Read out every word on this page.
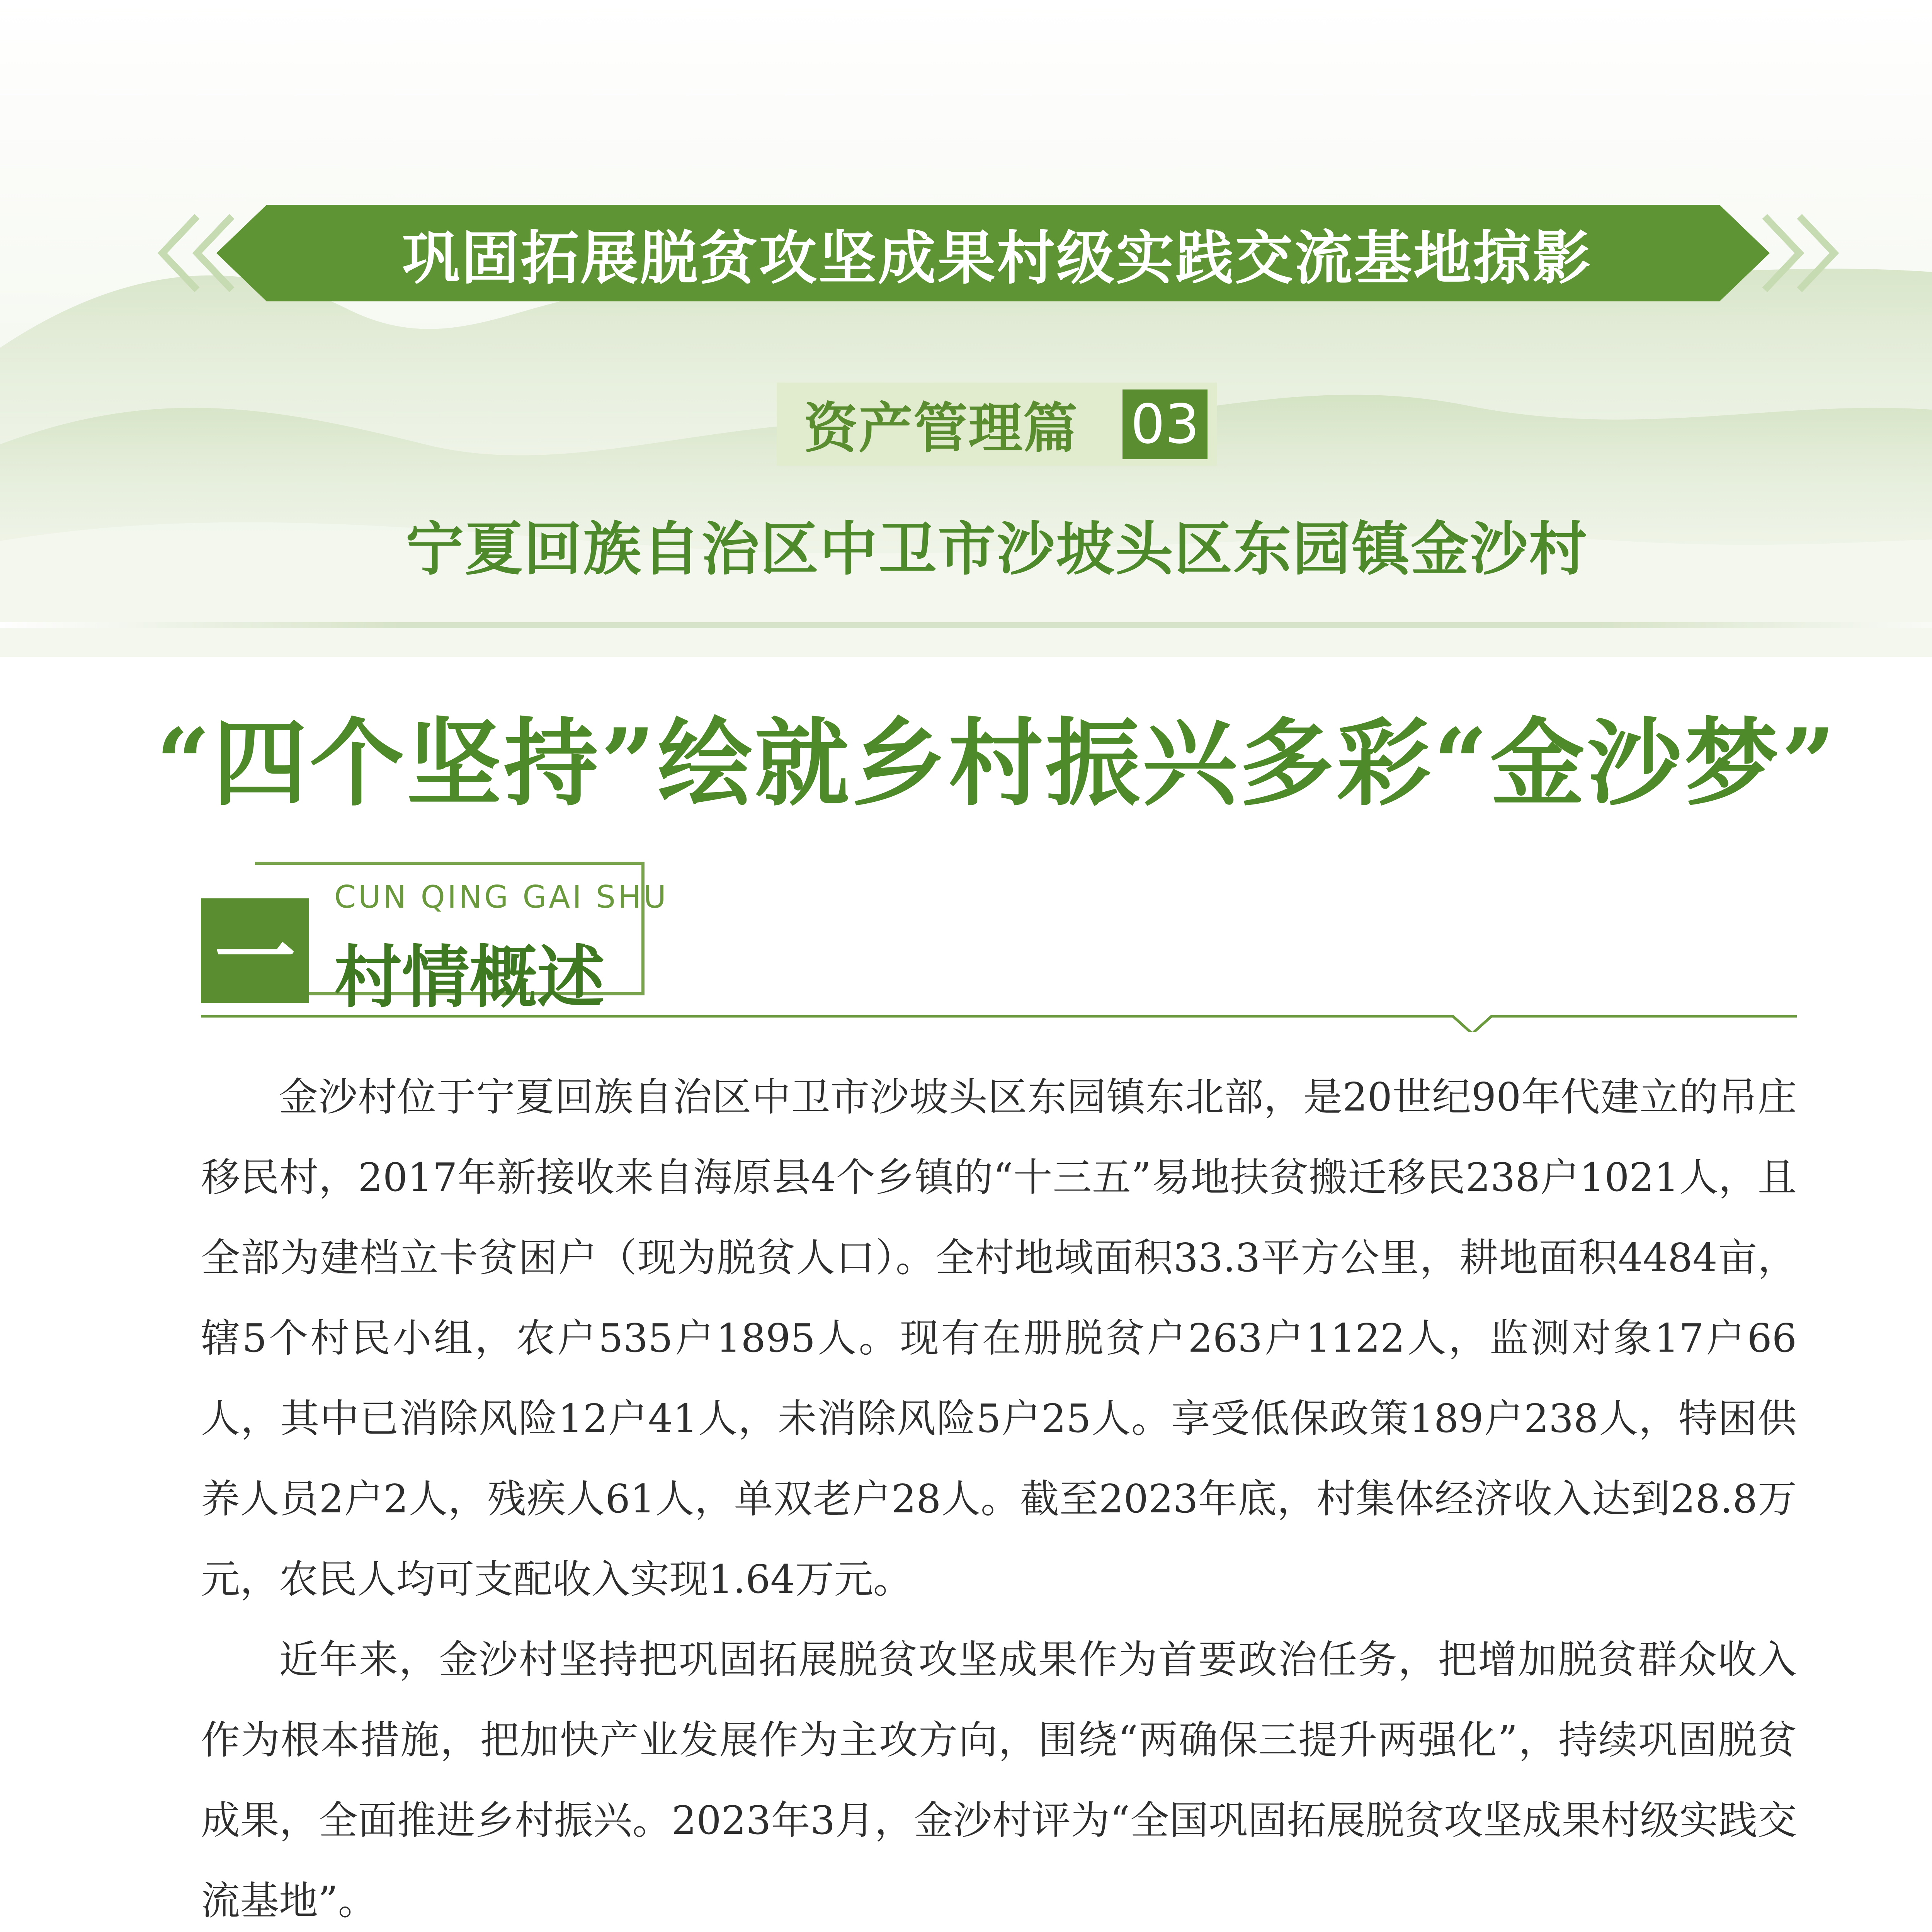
巩固拓展脱贫攻坚成果村级实践交流基地掠影
资产管理篇 03
宁夏回族自治区中卫市沙坡头区东园镇金沙村
“四个坚持”绘就乡村振兴多彩“金沙梦”
一
CUN QING GAI SHU
村情概述

金沙村位于宁夏回族自治区中卫市沙坡头区东园镇东北部，是20世纪90年代建立的吊庄移民村，2017年新接收来自海原县4个乡镇的“十三五”易地扶贫搬迁移民238户1021人，且全部为建档立卡贫困户（现为脱贫人口）。全村地域面积33.3平方公里，耕地面积4484亩，辖5个村民小组，农户535户1895人。现有在册脱贫户263户1122人，监测对象17户66人，其中已消除风险12户41人，未消除风险5户25人。享受低保政策189户238人，特困供养人员2户2人，残疾人61人，单双老户28人。截至2023年底，村集体经济收入达到28.8万元，农民人均可支配收入实现1.64万元。

近年来，金沙村坚持把巩固拓展脱贫攻坚成果作为首要政治任务，把增加脱贫群众收入作为根本措施，把加快产业发展作为主攻方向，围绕“两确保三提升两强化”，持续巩固脱贫成果，全面推进乡村振兴。2023年3月，金沙村评为“全国巩固拓展脱贫攻坚成果村级实践交流基地”。
